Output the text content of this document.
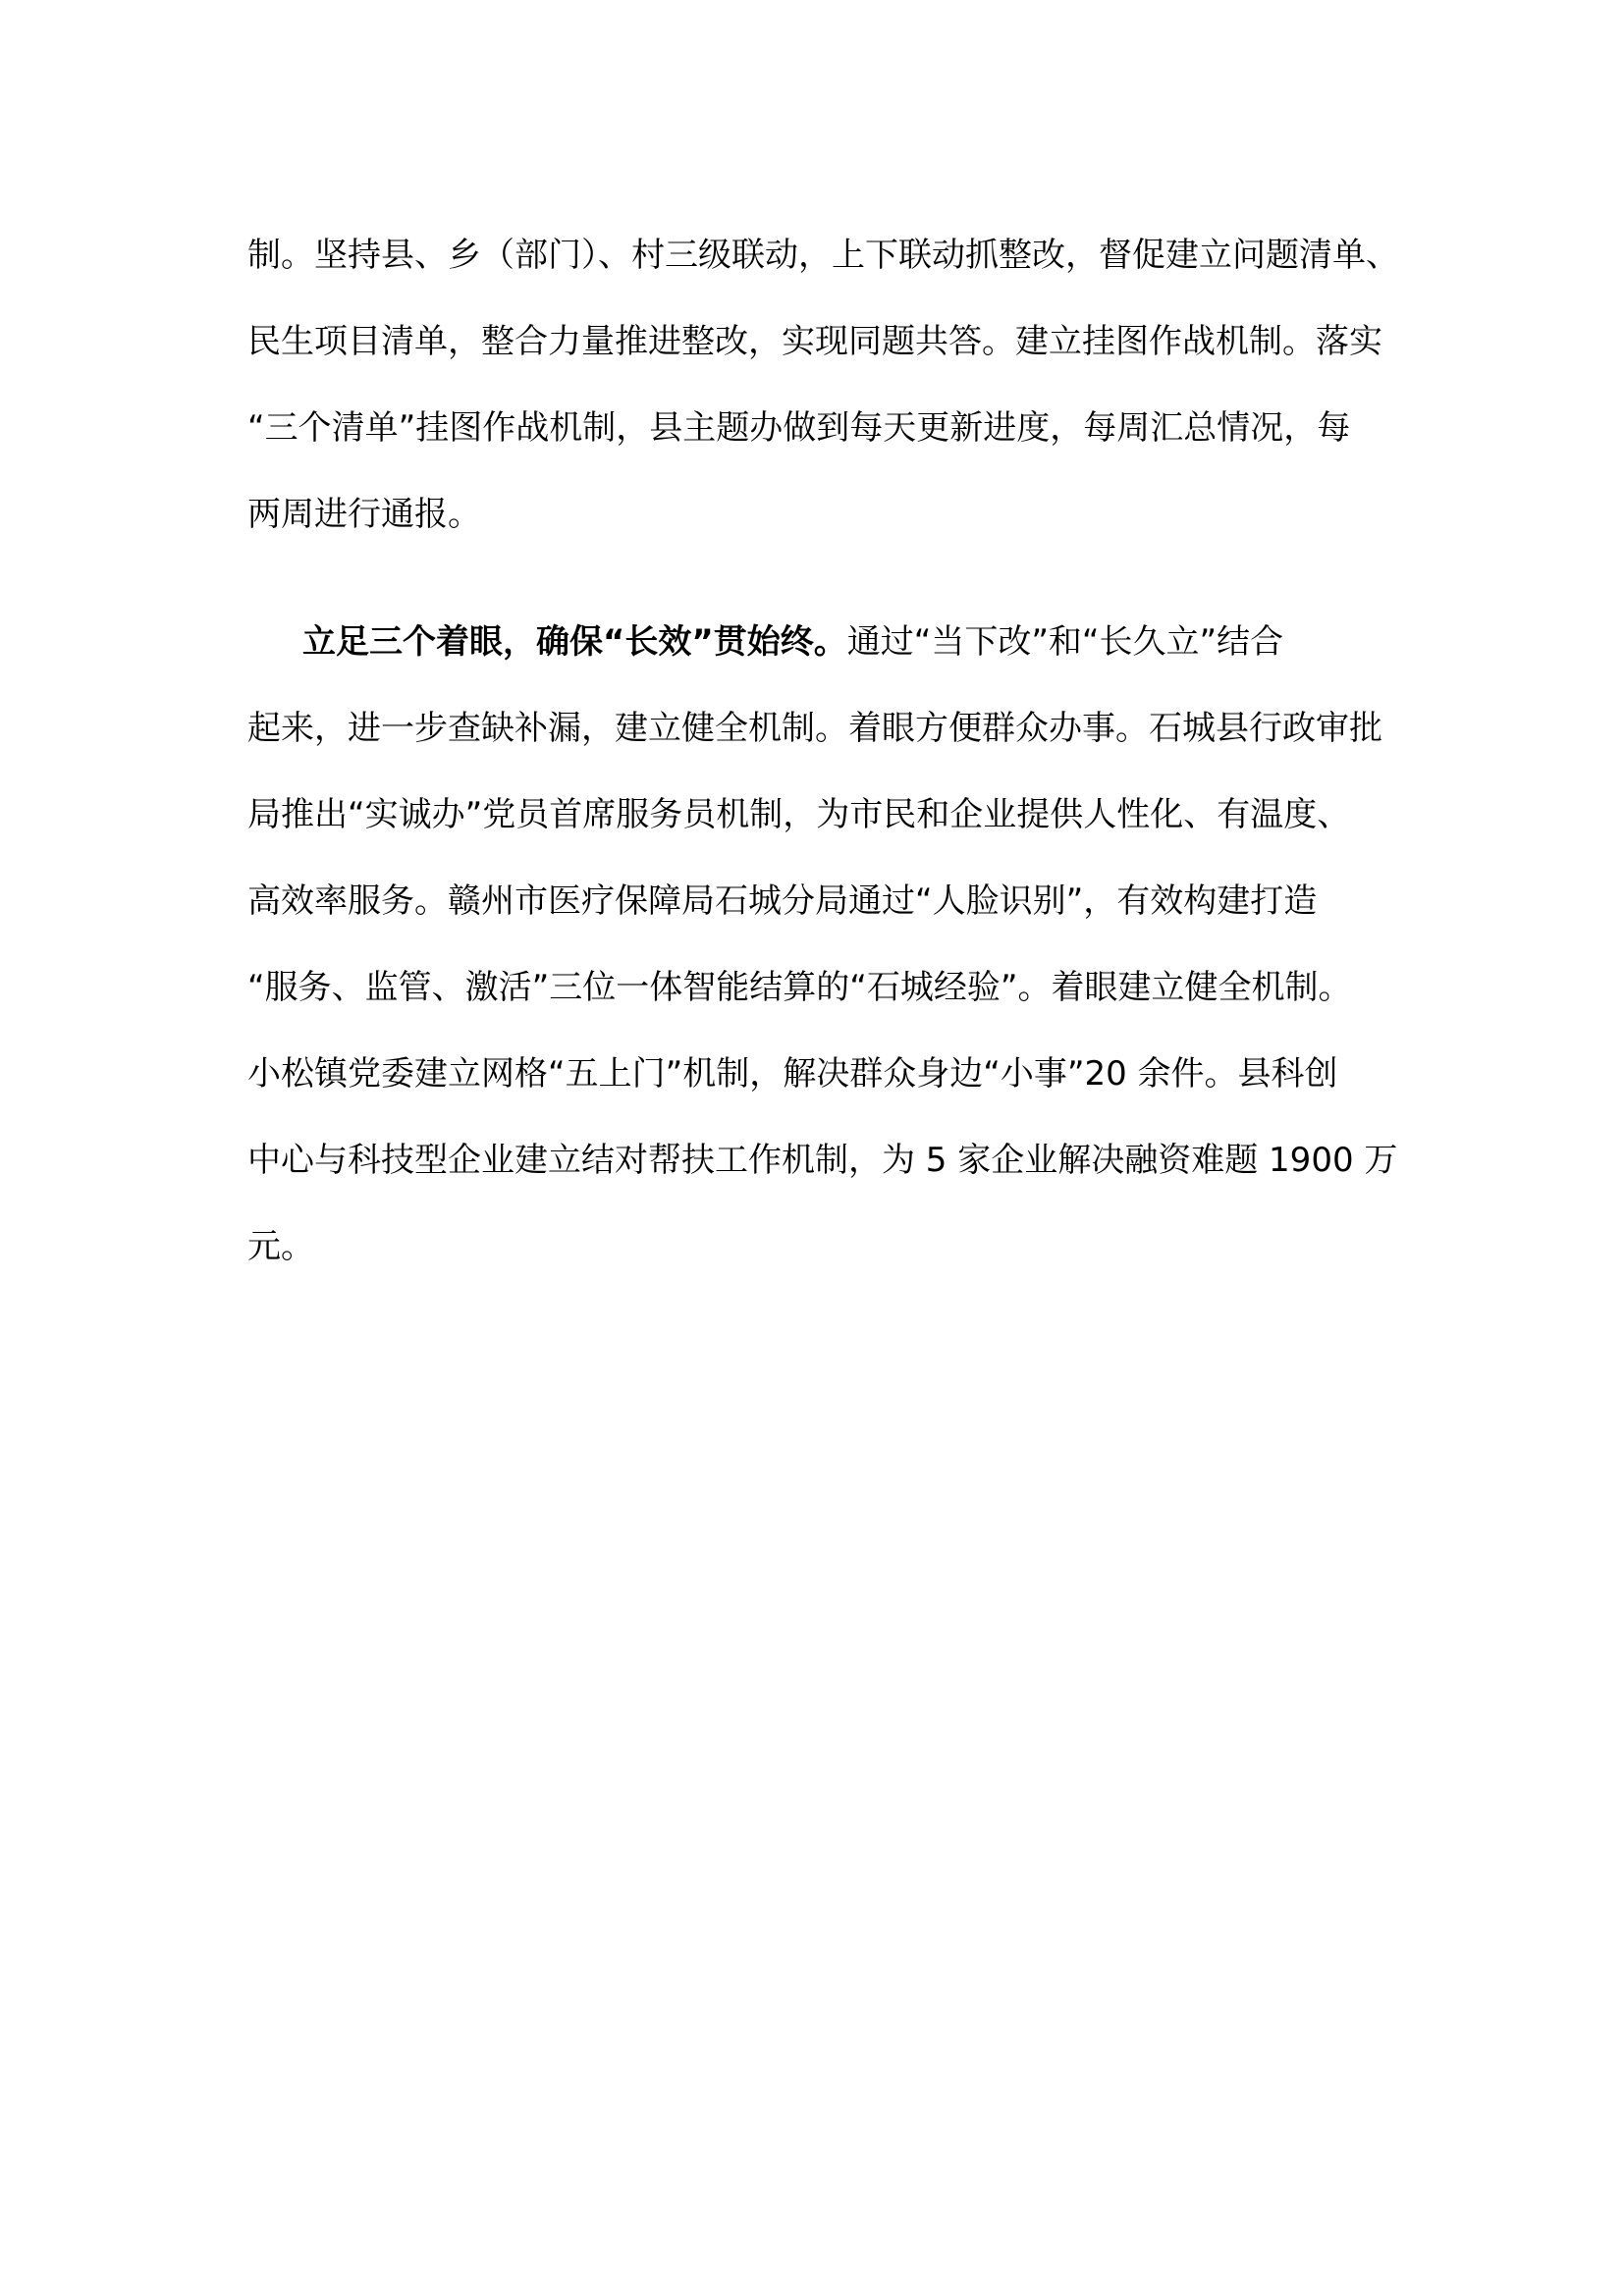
制。坚持县、乡（部门）、村三级联动，上下联动抓整改，督促建立问题清单、
民生项目清单，整合力量推进整改，实现同题共答。建立挂图作战机制。落实
“三个清单”挂图作战机制，县主题办做到每天更新进度，每周汇总情况，每
两周进行通报。
立足三个着眼，确保“长效”贯始终。通过“当下改”和“长久立”结合
起来，进一步查缺补漏，建立健全机制。着眼方便群众办事。石城县行政审批
局推出“实诚办”党员首席服务员机制，为市民和企业提供人性化、有温度、
高效率服务。赣州市医疗保障局石城分局通过“人脸识别”，有效构建打造
“服务、监管、激活”三位一体智能结算的“石城经验”。着眼建立健全机制。
小松镇党委建立网格“五上门”机制，解决群众身边“小事”20 余件。县科创
中心与科技型企业建立结对帮扶工作机制，为 5 家企业解决融资难题 1900 万
元。
